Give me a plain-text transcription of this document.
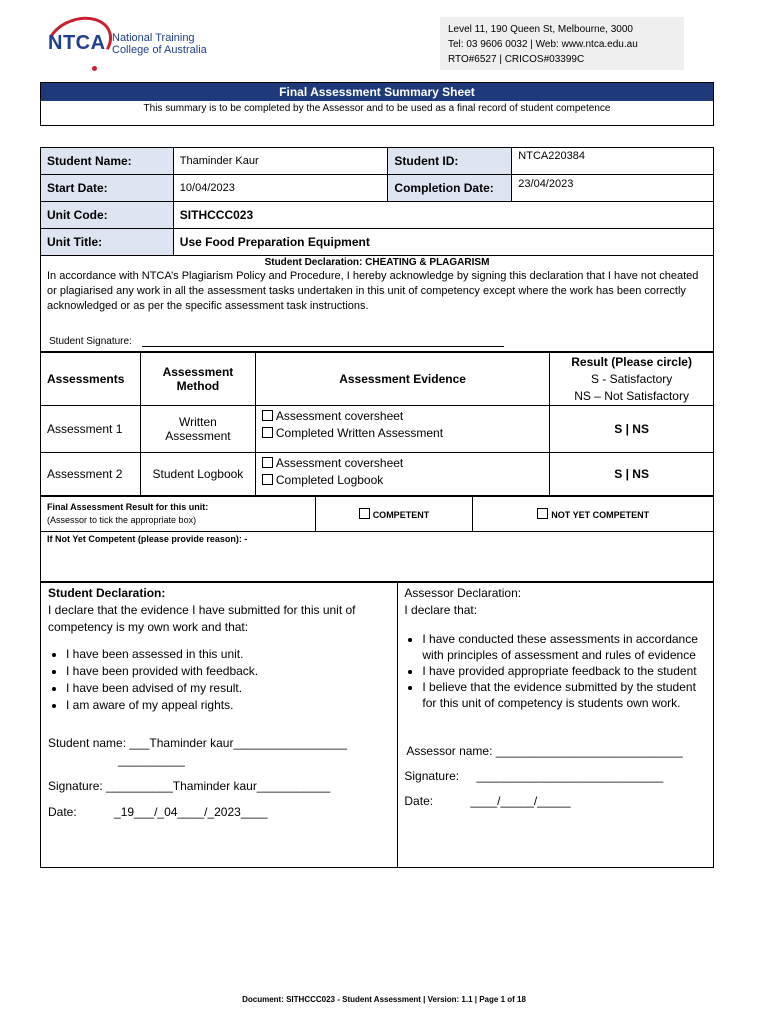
NTCA National Training
College of Australia
Level 11, 190 Queen St, Melbourne, 3000
Tel: 03 9606 0032 | Web: www.ntca.edu.au
RTO#6527 | CRICOS#03399C
Final Assessment Summary Sheet
This summary is to be completed by the Assessor and to be used as a final record of student competence
Student Name:	Thaminder Kaur	Student ID:	NTCA220384
Start Date:	10/04/2023	Completion Date:	23/04/2023
Unit Code:	SITHCCC023		
Unit Title:	Use Food Preparation Equipment		
Student Declaration: CHEATING & PLAGARISM
In accordance with NTCA’s Plagiarism Policy and Procedure, I hereby acknowledge by signing this declaration that I have not cheated or plagiarised any work in all the assessment tasks undertaken in this unit of competency except where the work has been correctly acknowledged or as per the specific assessment task instructions.
Student Signature:
Assessments	Assessment Method	Assessment Evidence	Result (Please circle)
S - Satisfactory
NS – Not Satisfactory

Assessment 1	Written Assessment	Assessment coversheet
Completed Written Assessment	S | NS
Assessment 2	Student Logbook	Assessment coversheet
Completed Logbook	S | NS
Final Assessment Result for this unit:
(Assessor to tick the appropriate box)	COMPETENT	NOT YET COMPETENT
If Not Yet Competent (please provide reason): -
Student Declaration:
I declare that the evidence I have submitted for this unit of competency is my own work and that:
• I have been assessed in this unit.
• I have been provided with feedback.
• I have been advised of my result.
• I am aware of my appeal rights.
Student name: ___Thaminder kaur_________________
__________
Signature: __________Thaminder kaur___________
Date:	_19___/_04____/_2023____

Assessor Declaration:
I declare that:
• I have conducted these assessments in accordance with principles of assessment and rules of evidence
• I have provided appropriate feedback to the student
• I believe that the evidence submitted by the student for this unit of competency is students own work.
Assessor name: ____________________________
Signature: ____________________________
Date:	____/_____/_____
Document: SITHCCC023 - Student Assessment | Version: 1.1 | Page 1 of 18
